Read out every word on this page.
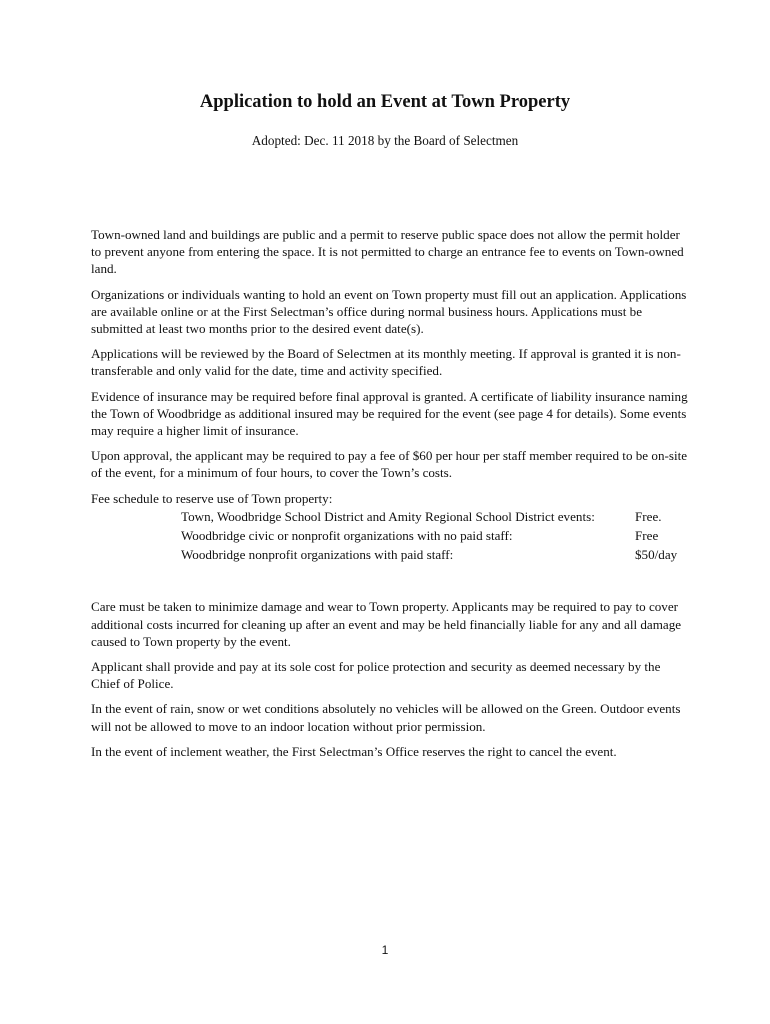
Application to hold an Event at Town Property
Adopted: Dec. 11 2018 by the Board of Selectmen

Town-owned land and buildings are public and a permit to reserve public space does not allow the permit holder to prevent anyone from entering the space. It is not permitted to charge an entrance fee to events on Town-owned land.

Organizations or individuals wanting to hold an event on Town property must fill out an application. Applications are available online or at the First Selectman’s office during normal business hours. Applications must be submitted at least two months prior to the desired event date(s).

Applications will be reviewed by the Board of Selectmen at its monthly meeting. If approval is granted it is non-transferable and only valid for the date, time and activity specified.

Evidence of insurance may be required before final approval is granted. A certificate of liability insurance naming the Town of Woodbridge as additional insured may be required for the event (see page 4 for details). Some events may require a higher limit of insurance.

Upon approval, the applicant may be required to pay a fee of $60 per hour per staff member required to be on-site of the event, for a minimum of four hours, to cover the Town’s costs.

Fee schedule to reserve use of Town property:

Town, Woodbridge School District and Amity Regional School District events:	Free.
Woodbridge civic or nonprofit organizations with no paid staff:	Free
Woodbridge nonprofit organizations with paid staff:	$50/day

Care must be taken to minimize damage and wear to Town property. Applicants may be required to pay to cover additional costs incurred for cleaning up after an event and may be held financially liable for any and all damage caused to Town property by the event.

Applicant shall provide and pay at its sole cost for police protection and security as deemed necessary by the Chief of Police.

In the event of rain, snow or wet conditions absolutely no vehicles will be allowed on the Green. Outdoor events will not be allowed to move to an indoor location without prior permission.

In the event of inclement weather, the First Selectman’s Office reserves the right to cancel the event.

1
